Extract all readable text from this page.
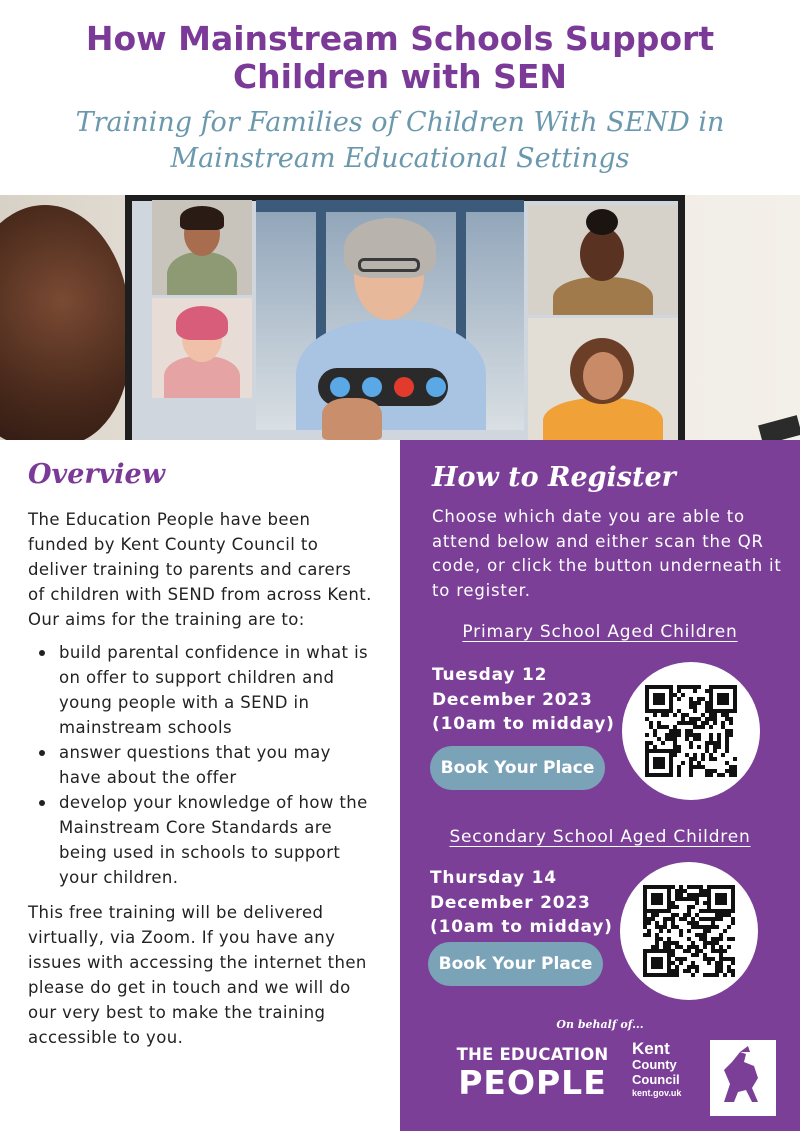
How Mainstream Schools Support
Children with SEN
Training for Families of Children With SEND in
Mainstream Educational Settings
Overview

The Education People have been funded by Kent County Council to deliver training to parents and carers of children with SEND from across Kent. Our aims for the training are to:

build parental confidence in what is on offer to support children and young people with a SEND in mainstream schools
answer questions that you may have about the offer
develop your knowledge of how the Mainstream Core Standards are being used in schools to support your children.

This free training will be delivered virtually, via Zoom. If you have any issues with accessing the internet then please do get in touch and we will do our very best to make the training accessible to you.

How to Register
Choose which date you are able to attend below and either scan the QR code, or click the button underneath it to register.
Primary School Aged Children
Tuesday 12
December 2023
(10am to midday)
Book Your Place
Secondary School Aged Children
Thursday 14
December 2023
(10am to midday)
Book Your Place
On behalf of...
THE EDUCATION
PEOPLE
Kent
County
Council
kent.gov.uk
